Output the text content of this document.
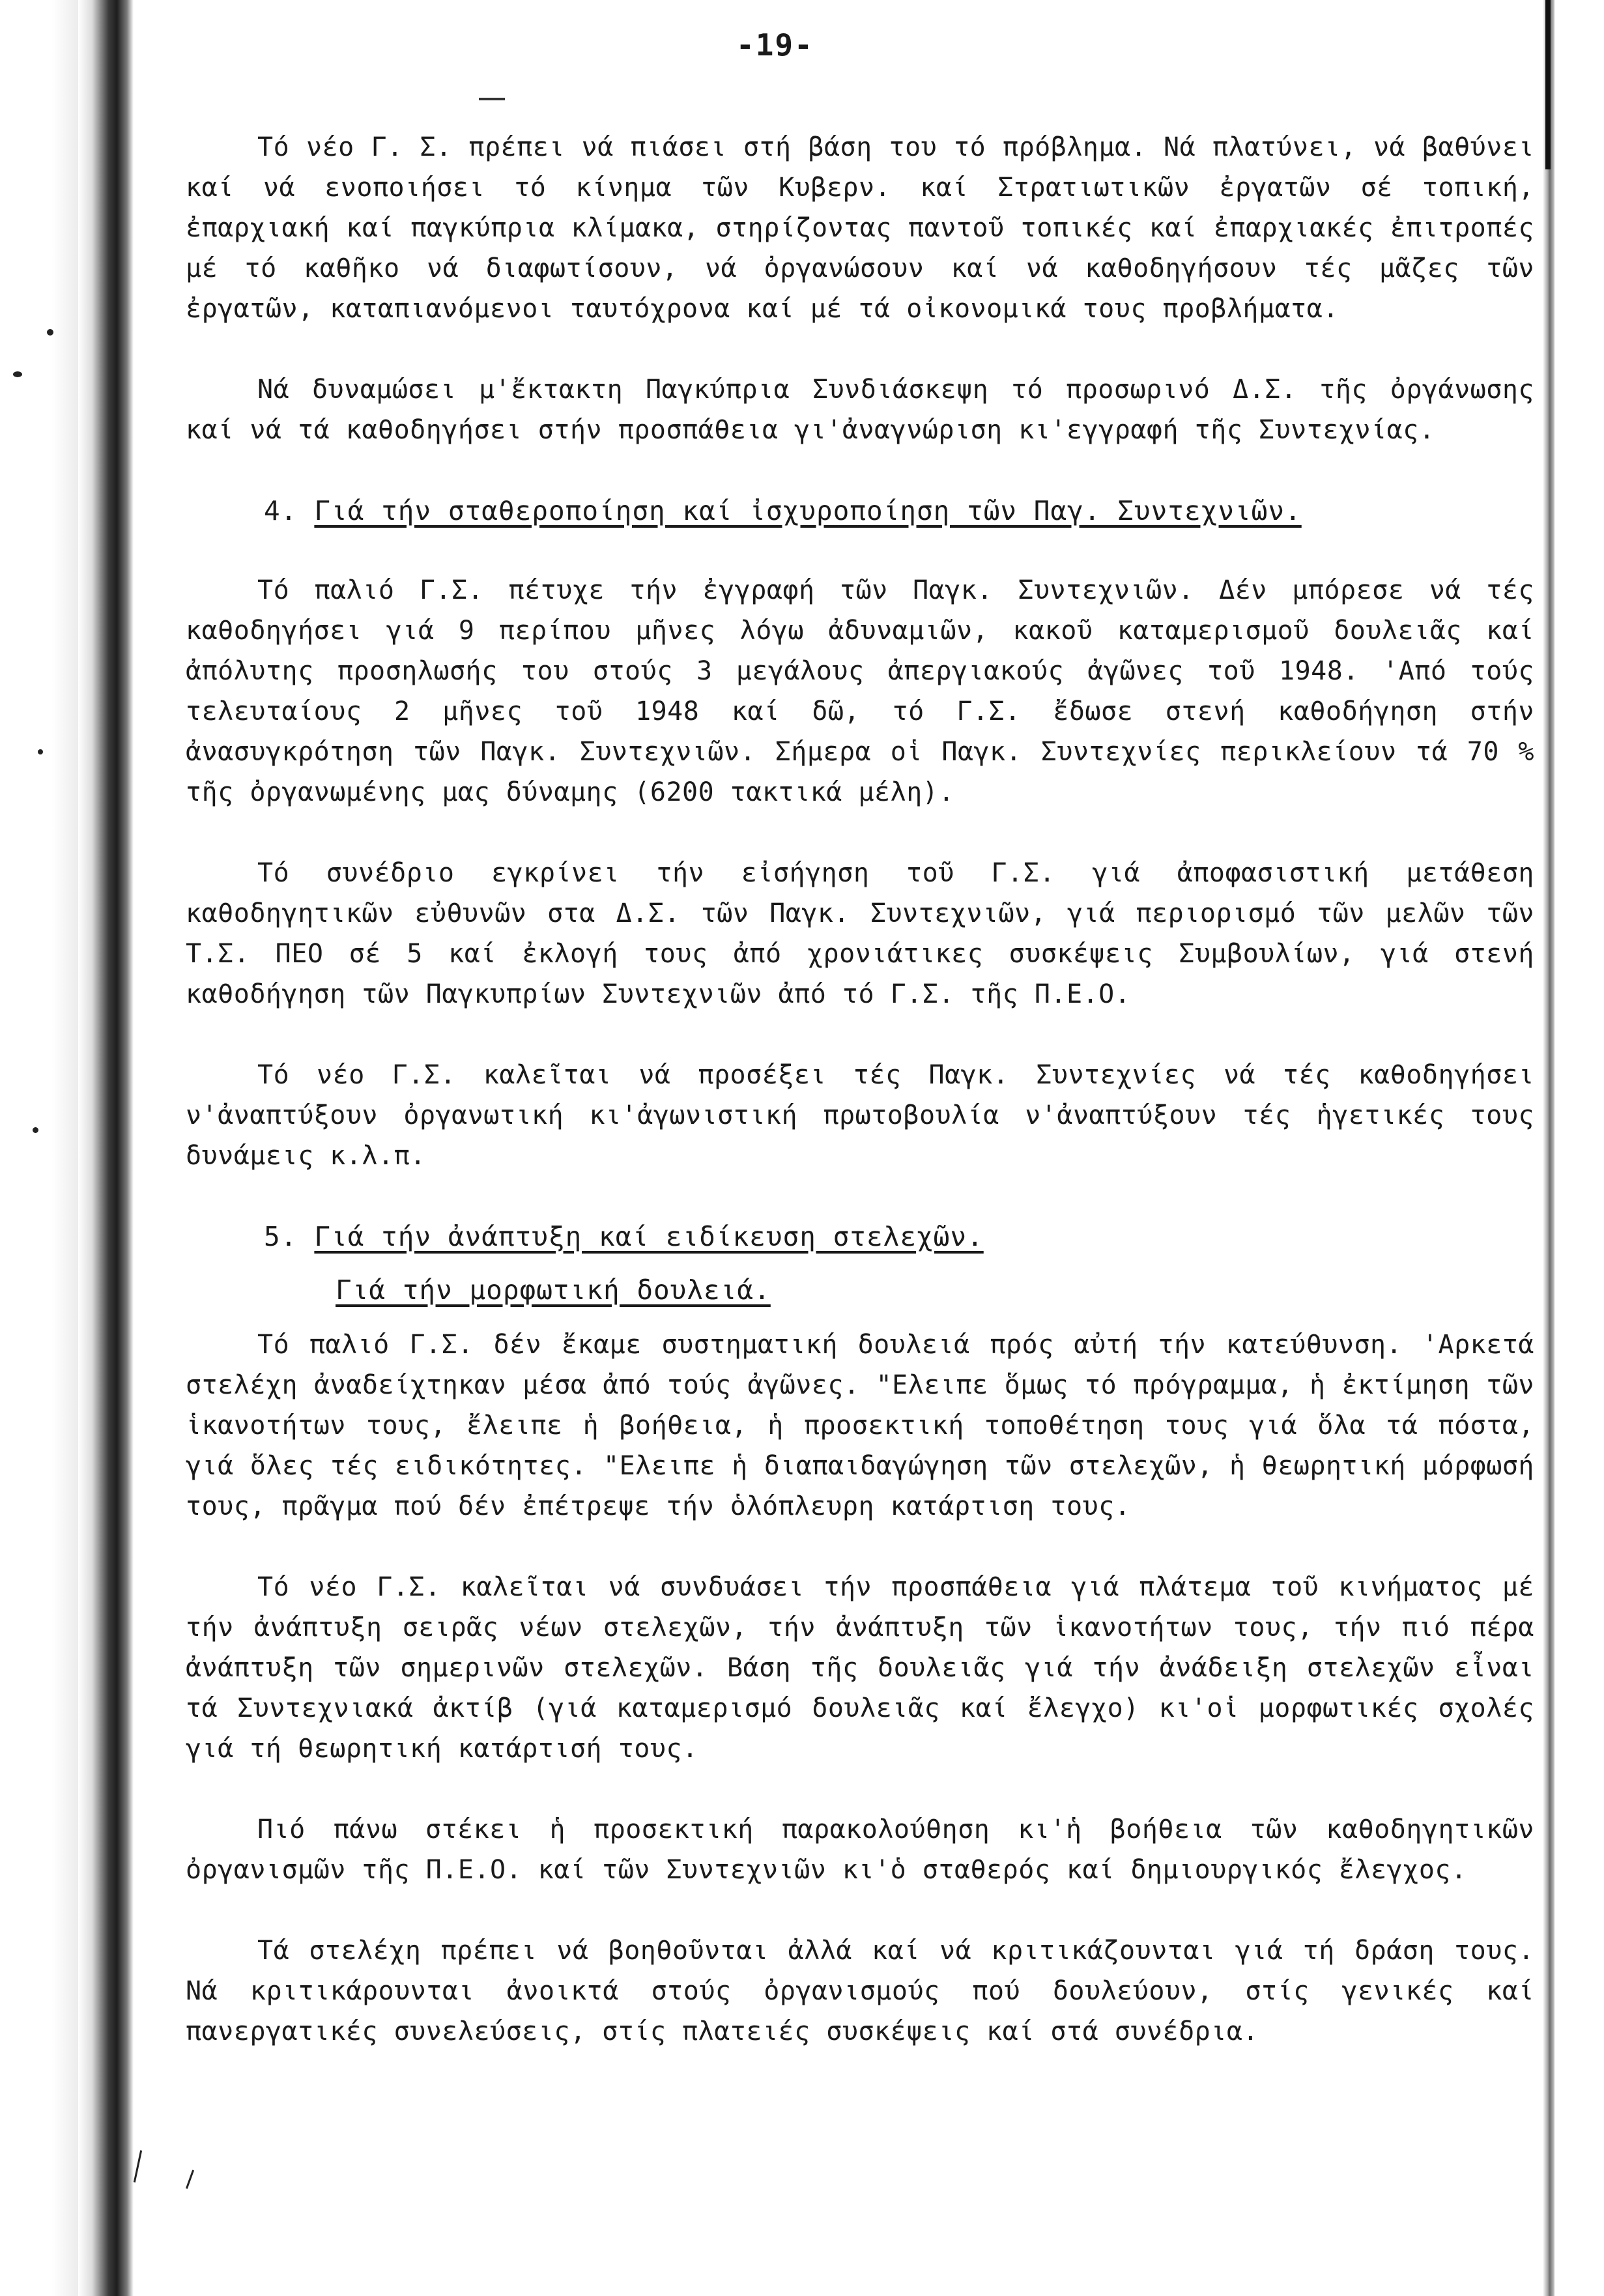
-19-

Τό νέο Γ. Σ. πρέπει νά πιάσει στή βάση του τό πρόβλημα. Νά πλατύνει, νά βαθύνει καί νά ενοποιήσει τό κίνημα τῶν Κυβερν. καί Στρατιωτικῶν ἐργατῶν σέ τοπική, ἐπαρχιακή καί παγκύπρια κλίμακα, στηρίζοντας παντοῦ τοπικές καί ἐπαρχιακές ἐπιτροπές μέ τό καθῆκο νά διαφωτίσουν, νά ὀργανώσουν καί νά καθοδηγήσουν τές μᾶζες τῶν ἐργατῶν, καταπιανόμενοι ταυτόχρονα καί μέ τά οἰκονομικά τους προβλήματα.

Νά δυναμώσει μ'ἔκτακτη Παγκύπρια Συνδιάσκεψη τό προσωρινό Δ.Σ. τῆς ὀργάνωσης καί νά τά καθοδηγήσει στήν προσπάθεια γι'ἀναγνώριση κι'εγγραφή τῆς Συντεχνίας.

4. Γιά τήν σταθεροποίηση καί ἰσχυροποίηση τῶν Παγ. Συντεχνιῶν.

Τό παλιό Γ.Σ. πέτυχε τήν ἐγγραφή τῶν Παγκ. Συντεχνιῶν. Δέν μπόρεσε νά τές καθοδηγήσει γιά 9 περίπου μῆνες λόγω ἀδυναμιῶν, κακοῦ καταμερισμοῦ δουλειᾶς καί ἀπόλυτης προσηλωσής του στούς 3 μεγάλους ἀπεργιακούς ἀγῶνες τοῦ 1948. 'Από τούς τελευταίους 2 μῆνες τοῦ 1948 καί δῶ, τό Γ.Σ. ἔδωσε στενή καθοδήγηση στήν ἀνασυγκρότηση τῶν Παγκ. Συντεχνιῶν. Σήμερα οἱ Παγκ. Συντεχνίες περικλείουν τά 70 % τῆς ὀργανωμένης μας δύναμης (6200 τακτικά μέλη).

Τό συνέδριο εγκρίνει τήν εἰσήγηση τοῦ Γ.Σ. γιά ἀποφασιστική μετάθεση καθοδηγητικῶν εὐθυνῶν στα Δ.Σ. τῶν Παγκ. Συντεχνιῶν, γιά περιορισμό τῶν μελῶν τῶν Τ.Σ. ΠΕΟ σέ 5 καί ἐκλογή τους ἀπό χρονιάτικες συσκέψεις Συμβουλίων, γιά στενή καθοδήγηση τῶν Παγκυπρίων Συντεχνιῶν ἀπό τό Γ.Σ. τῆς Π.Ε.Ο.

Τό νέο Γ.Σ. καλεῖται νά προσέξει τές Παγκ. Συντεχνίες νά τές καθοδηγήσει ν'ἀναπτύξουν ὀργανωτική κι'ἀγωνιστική πρωτοβουλία ν'ἀναπτύξουν τές ἡγετικές τους δυνάμεις κ.λ.π.

5. Γιά τήν ἀνάπτυξη καί ειδίκευση στελεχῶν.
Γιά τήν μορφωτική δουλειά.

Τό παλιό Γ.Σ. δέν ἔκαμε συστηματική δουλειά πρός αὐτή τήν κατεύθυνση. 'Αρκετά στελέχη ἀναδείχτηκαν μέσα ἀπό τούς ἀγῶνες. "Ελειπε ὅμως τό πρόγραμμα, ἡ ἐκτίμηση τῶν ἱκανοτήτων τους, ἔλειπε ἡ βοήθεια, ἡ προσεκτική τοποθέτηση τους γιά ὅλα τά πόστα, γιά ὅλες τές ειδικότητες. "Ελειπε ἡ διαπαιδαγώγηση τῶν στελεχῶν, ἡ θεωρητική μόρφωσή τους, πρᾶγμα πού δέν ἐπέτρεψε τήν ὁλόπλευρη κατάρτιση τους.

Τό νέο Γ.Σ. καλεῖται νά συνδυάσει τήν προσπάθεια γιά πλάτεμα τοῦ κινήματος μέ τήν ἀνάπτυξη σειρᾶς νέων στελεχῶν, τήν ἀνάπτυξη τῶν ἱκανοτήτων τους, τήν πιό πέρα ἀνάπτυξη τῶν σημερινῶν στελεχῶν. Βάση τῆς δουλειᾶς γιά τήν ἀνάδειξη στελεχῶν εἶναι τά Συντεχνιακά ἀκτίβ (γιά καταμερισμό δουλειᾶς καί ἔλεγχο) κι'οἱ μορφωτικές σχολές γιά τή θεωρητική κατάρτισή τους.

Πιό πάνω στέκει ἡ προσεκτική παρακολούθηση κι'ἡ βοήθεια τῶν καθοδηγητικῶν ὀργανισμῶν τῆς Π.Ε.Ο. καί τῶν Συντεχνιῶν κι'ὁ σταθερός καί δημιουργικός ἔλεγχος.

Τά στελέχη πρέπει νά βοηθοῦνται ἀλλά καί νά κριτικάζουνται γιά τή δράση τους. Νά κριτικάρουνται ἀνοικτά στούς ὀργανισμούς πού δουλεύουν, στίς γενικές καί πανεργατικές συνελεύσεις, στίς πλατειές συσκέψεις καί στά συνέδρια.
